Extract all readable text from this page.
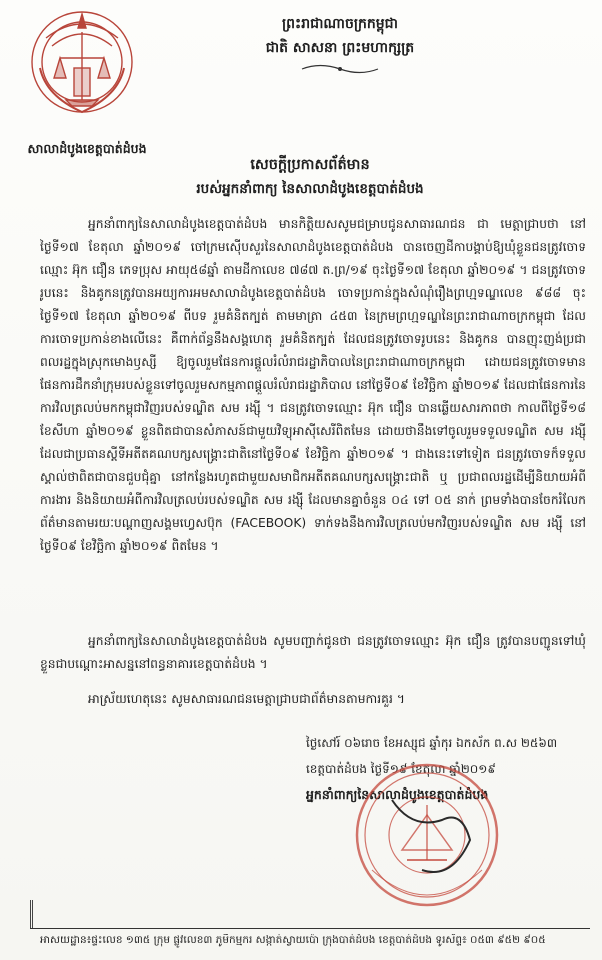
សាលាដំបូងខេត្តបាត់ដំបង
ព្រះរាជាណាចក្រកម្ពុជា
ជាតិ សាសនា ព្រះមហាក្សត្រ
សេចក្តីប្រកាសព័ត៌មាន
របស់អ្នកនាំពាក្យ នៃសាលាដំបូងខេត្តបាត់ដំបង
អ្នកនាំពាក្យនៃសាលាដំបូងខេត្តបាត់ដំបង មានកិត្តិយសសូមជម្រាបជូនសាធារណជន ជា មេត្តាជ្រាបថា នៅថ្ងៃទី១៧ ខែតុលា ឆ្នាំ២០១៩ ចៅក្រមស៊ើបសួរនៃសាលាដំបូងខេត្តបាត់ដំបង បានចេញដីកាបង្គាប់ឱ្យឃុំខ្លួនជនត្រូវចោទ ឈ្មោះ អ៊ុក ជឿន ភេទប្រុស អាយុ៥៨ឆ្នាំ តាមដីកាលេខ ៧៨៧ ត.ព្រ/១៩ ចុះថ្ងៃទី១៧ ខែតុលា ឆ្នាំ២០១៩ ។ ជនត្រូវចោទរូបនេះ និងគូកនត្រូវបានអយ្យការអមសាលាដំបូងខេត្តបាត់ដំបង ចោទប្រកាន់ក្នុងសំណុំរឿងព្រហ្មទណ្ឌលេខ ៩៨៨ ចុះថ្ងៃទី១៧ ខែតុលា ឆ្នាំ២០១៩ ពីបទ រួមគំនិតក្បត់ តាមមាត្រា ៤៥៣ នៃក្រមព្រហ្មទណ្ឌនៃព្រះរាជាណាចក្រកម្ពុជា ដែលការចោទប្រកាន់ខាងលើនេះ គឺពាក់ព័ន្ធនឹងសង្គហេតុ រួមគំនិតក្បត់ ដែលជនត្រូវចោទរូបនេះ និងគូកន បានញុះញង់ប្រជាពលរដ្ឋក្នុងស្រុកមោងឫស្សី ឱ្យចូលរួមផែនការផ្តួលរំលំរាជរដ្ឋាភិបាលនៃព្រះរាជាណាចក្រកម្ពុជា ដោយជនត្រូវចោទមានផែនការដឹកនាំក្រុមរបស់ខ្លួនទៅចូលរួមសកម្មភាពផ្តួលរំលំរាជរដ្ឋាភិបាល នៅថ្ងៃទី០៩ ខែវិច្ឆិកា ឆ្នាំ២០១៩ ដែលជាផែនការនៃការវិលត្រលប់មកកម្ពុជាវិញរបស់ទណ្ឌិត សម រង្ស៊ី ។ ជនត្រូវចោទឈ្មោះ អ៊ុក ជឿន បានឆ្លើយសារភាពថា កាលពីថ្ងៃទី១៨ ខែសីហា ឆ្នាំ២០១៩ ខ្លួនពិតជាបានសំភាសន៍ជាមួយវិទ្យុអាស៊ីសេរីពិតមែន ដោយថានឹងទៅចូលរួមទទួលទណ្ឌិត សម រង្ស៊ី ដែលជាប្រធានស្តីទីអតីតគណបក្សសង្គ្រោះជាតិនៅថ្ងៃទី០៩ ខែវិច្ឆិកា ឆ្នាំ២០១៩ ។ ជាងនេះទៅទៀត ជនត្រូវចោទក៏ទទួលស្គាល់ថាពិតជាបានជួបជុំគ្នា នៅកន្លែងរហូតជាមួយសមាជិកអតីតគណបក្សសង្គ្រោះជាតិ ឬ ប្រជាពលរដ្ឋដើម្បីនិយាយអំពីការងារ និងនិយាយអំពីការវិលត្រលប់របស់ទណ្ឌិត សម រង្ស៊ី ដែលមានគ្នាចំនួន ០៤ ទៅ ០៥ នាក់ ព្រមទាំងបានចែករំលែកព័ត៌មានតាមរយៈបណ្តាញសង្គមហ្វេសប៊ុក (FACEBOOK) ទាក់ទងនឹងការវិលត្រលប់មកវិញរបស់ទណ្ឌិត សម រង្ស៊ី នៅថ្ងៃទី០៩ ខែវិច្ឆិកា ឆ្នាំ២០១៩ ពិតមែន ។
អ្នកនាំពាក្យនៃសាលាដំបូងខេត្តបាត់ដំបង សូមបញ្ជាក់ជូនថា ជនត្រូវចោទឈ្មោះ អ៊ុក ជឿន ត្រូវបានបញ្ជូនទៅឃុំខ្លួនជាបណ្តោះអាសន្ននៅពន្ធនាគារខេត្តបាត់ដំបង ។
អាស្រ័យហេតុនេះ សូមសាធារណជនមេត្តាជ្រាបជាព័ត៌មានតាមការគួរ ។
ថ្ងៃសៅរ៍ ០៦រោច ខែអស្សុជ ឆ្នាំកុរ ឯកស័ក ព.ស ២៥៦៣
ខេត្តបាត់ដំបង ថ្ងៃទី១៩ ខែតុលា ឆ្នាំ២០១៩
អ្នកនាំពាក្យនៃសាលាដំបូងខេត្តបាត់ដំបង
អាសយដ្ឋាន៖ផ្ទះលេខ ១៣៥ ក្រុម ផ្លូវលេខ៣ ភូមិកម្មករ សង្កាត់ស្វាយប៉ោ ក្រុងបាត់ដំបង ខេត្តបាត់ដំបង ទូរស័ព្ទ៖ ០៥៣ ៩៥២ ៩០៥
